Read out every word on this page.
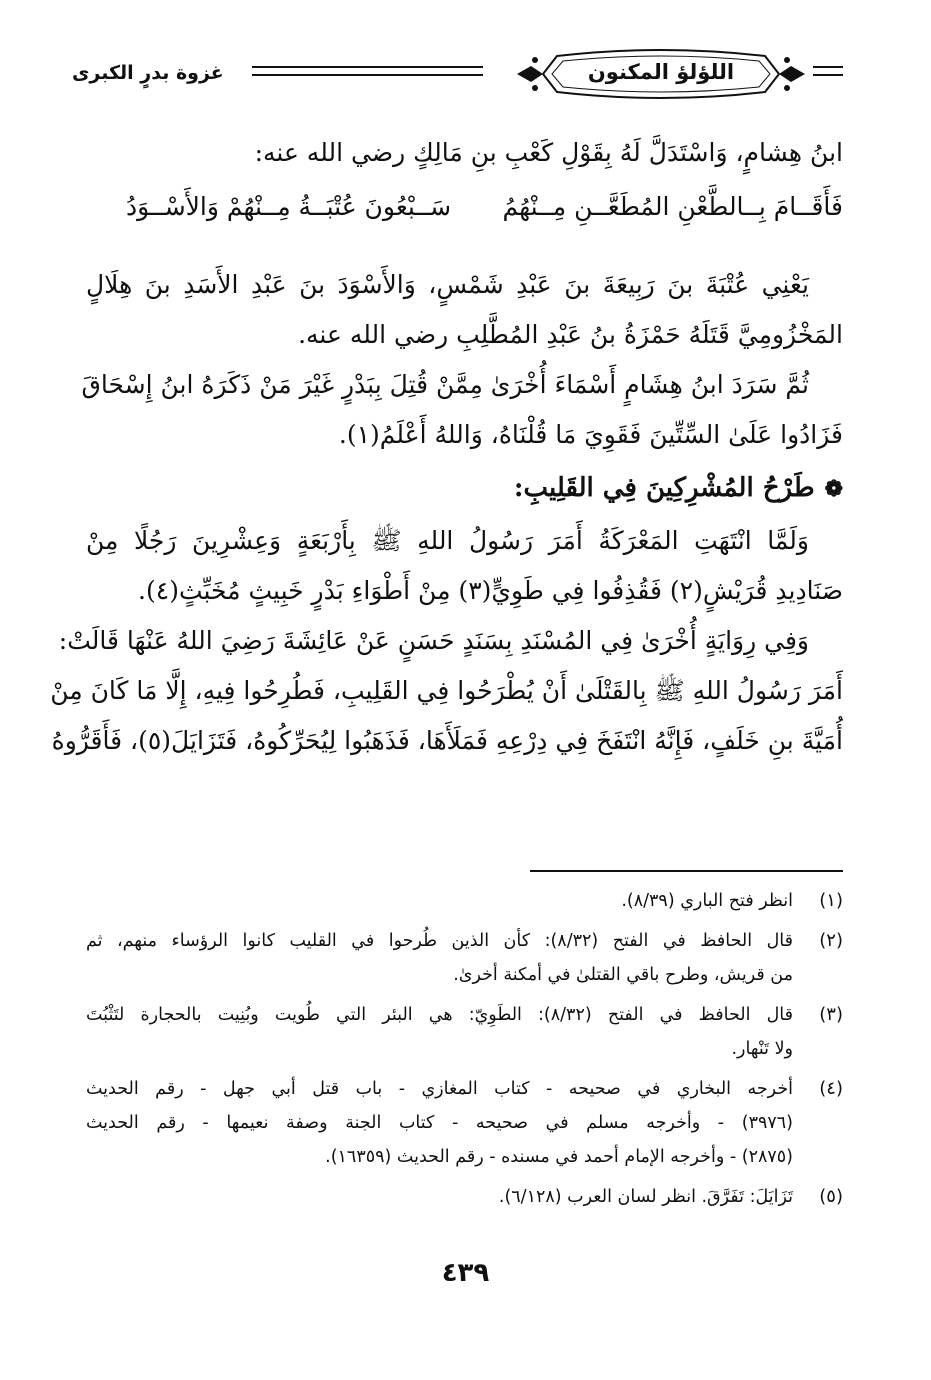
اللؤلؤ المكنون
غزوة بدرٍ الكبرى
ابنُ هِشامٍ، وَاسْتَدَلَّ لَهُ بِقَوْلِ كَعْبِ بنِ مَالِكٍ رضي الله عنه:
فَأَقَــامَ بِــالطَّعْنِ المُطَعَّــنِ مِــنْهُمُ
سَــبْعُونَ عُتْبَــةُ مِــنْهُمْ وَالأَسْــوَدُ
يَعْنِي عُتْبَةَ بنَ رَبِيعَةَ بنَ عَبْدِ شَمْسٍ، وَالأَسْوَدَ بنَ عَبْدِ الأَسَدِ بنَ هِلَالٍ
المَخْزُومِيَّ قَتَلَهُ حَمْزَةُ بنُ عَبْدِ المُطَّلِبِ رضي الله عنه.
ثُمَّ سَرَدَ ابنُ هِشَامٍ أَسْمَاءَ أُخْرَىٰ مِمَّنْ قُتِلَ بِبَدْرٍ غَيْرَ مَنْ ذَكَرَهُ ابنُ إِسْحَاقَ
فَزَادُوا عَلَىٰ السِّتِّينَ فَقَوِيَ مَا قُلْنَاهُ، وَاللهُ أَعْلَمُ(١).
❁طَرْحُ المُشْرِكِينَ فِي القَلِيبِ:
وَلَمَّا انْتَهَتِ المَعْرَكَةُ أَمَرَ رَسُولُ اللهِ ﷺ بِأَرْبَعَةٍ وَعِشْرِينَ رَجُلًا مِنْ
صَنَادِيدِ قُرَيْشٍ(٢) فَقُذِفُوا فِي طَوِيٍّ(٣) مِنْ أَطْوَاءِ بَدْرٍ خَبِيثٍ مُخَبِّثٍ(٤).
وَفِي رِوَايَةٍ أُخْرَىٰ فِي المُسْنَدِ بِسَنَدٍ حَسَنٍ عَنْ عَائِشَةَ رَضِيَ اللهُ عَنْهَا قَالَتْ:
أَمَرَ رَسُولُ اللهِ ﷺ بِالقَتْلَىٰ أَنْ يُطْرَحُوا فِي القَلِيبِ، فَطُرِحُوا فِيهِ، إِلَّا مَا كَانَ مِنْ
أُمَيَّةَ بنِ خَلَفٍ، فَإِنَّهُ انْتَفَخَ فِي دِرْعِهِ فَمَلَأَهَا، فَذَهَبُوا لِيُحَرِّكُوهُ، فَتَزَايَلَ(٥)، فَأَقَرُّوهُ
(١)
انظر فتح الباري (٨/٣٩).
(٢)
قال الحافظ في الفتح (٨/٣٢): كأن الذين طُرحوا في القليب كانوا الرؤساء منهم، ثم
من قريش، وطرح باقي القتلىٰ في أمكنة أخرىٰ.
(٣)
قال الحافظ في الفتح (٨/٣٢): الطَوِيّ: هي البئر التي طُويت وبُنِيت بالحجارة لتَثْبُتَ
ولا تَنْهار.
(٤)
أخرجه البخاري في صحيحه - كتاب المغازي - باب قتل أبي جهل - رقم الحديث
(٣٩٧٦) - وأخرجه مسلم في صحيحه - كتاب الجنة وصفة نعيمها - رقم الحديث
(٢٨٧٥) - وأخرجه الإمام أحمد في مسنده - رقم الحديث (١٦٣٥٩).
(٥)
تَزَايَلَ: تَفَرَّقَ. انظر لسان العرب (٦/١٢٨).
٤٣٩
